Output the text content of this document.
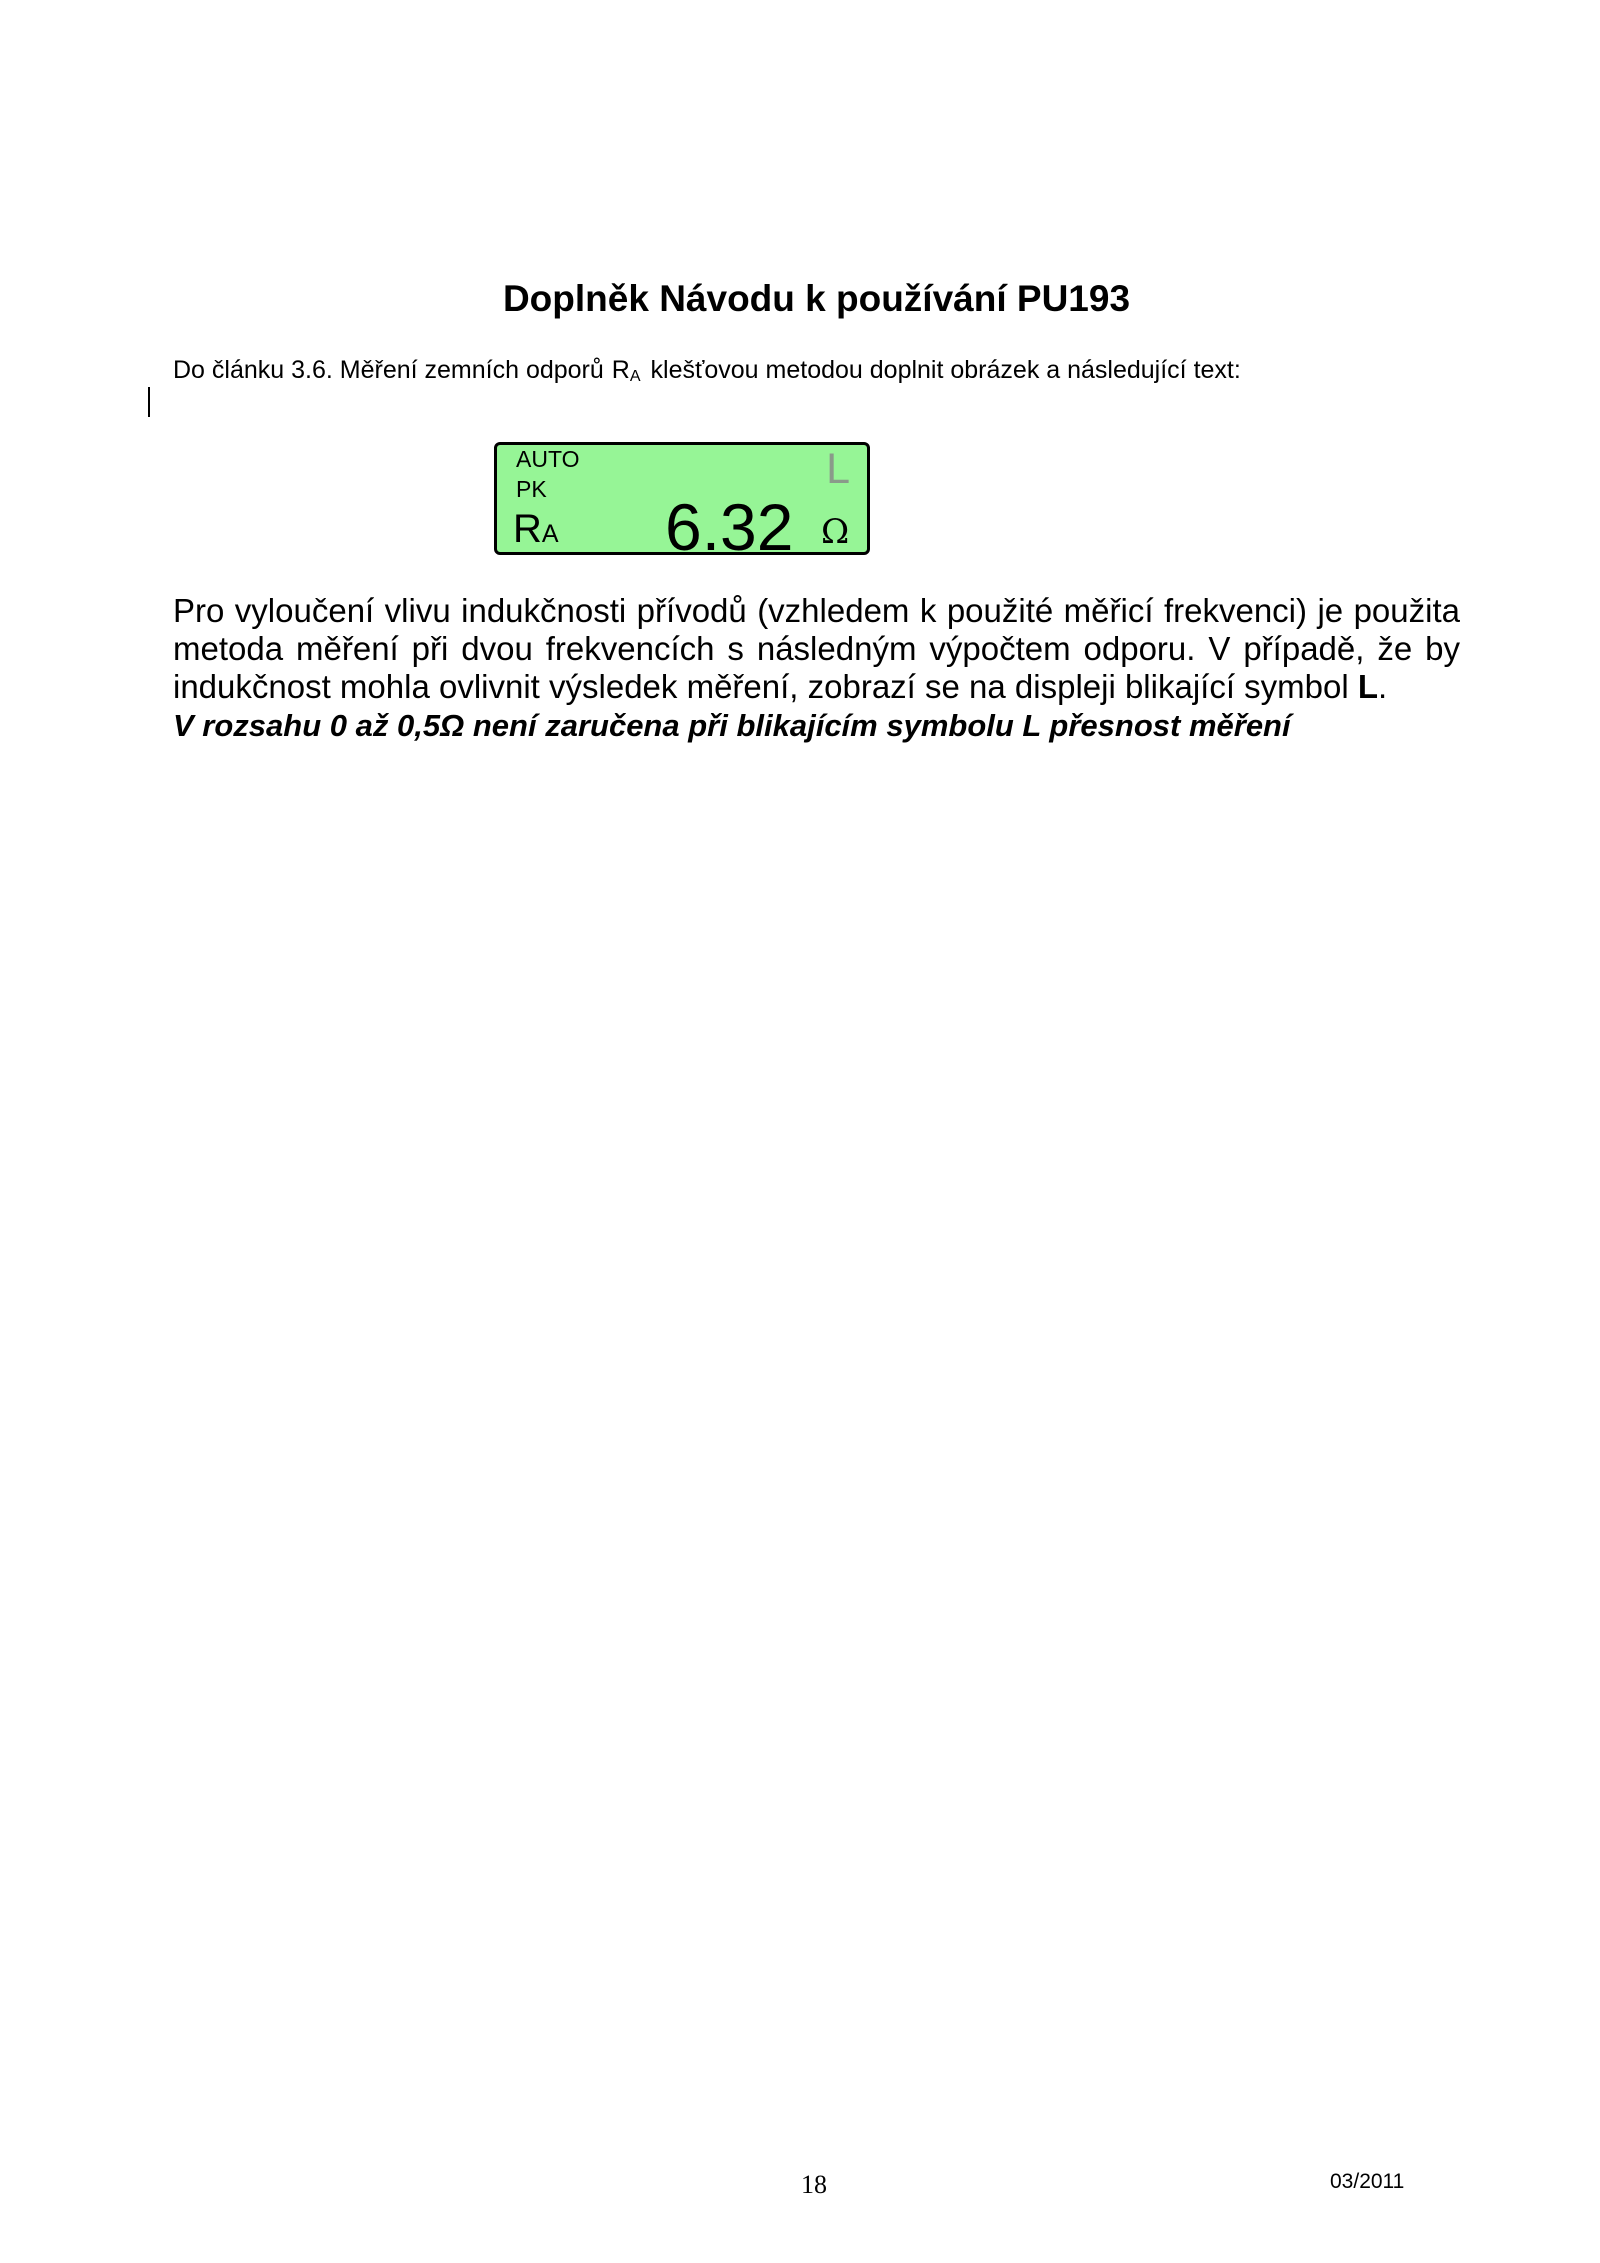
Doplněk Návodu k používání PU193
Do článku 3.6. Měření zemních odporů $R_A$ klešťovou metodou doplnit obrázek a následující text:
AUTO
PK	L
RA 6.32 Ω
Pro vyloučení vlivu indukčnosti přívodů (vzhledem k použité měřicí frekvenci) je použita metoda měření při dvou frekvencích s následným výpočtem odporu. V případě, že by indukčnost mohla ovlivnit výsledek měření, zobrazí se na displeji blikající symbol L.
V rozsahu 0 až 0,5Ω není zaručena při blikajícím symbolu L přesnost měření
18	03/2011
